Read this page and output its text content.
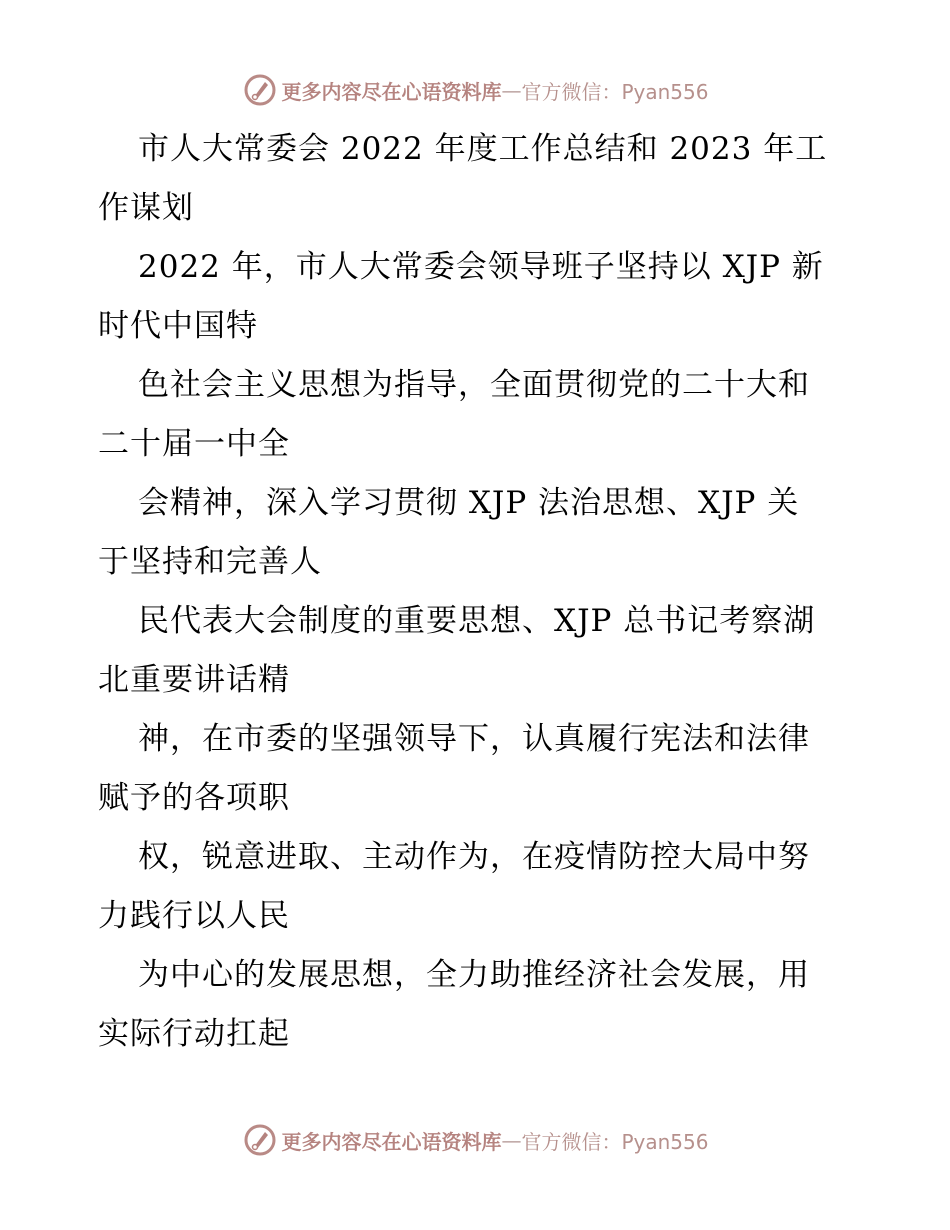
更多内容尽在心语资料库 — 官方微信：Pyan556
市人大常委会 2022 年度工作总结和 2023 年工
作谋划
2022 年，市人大常委会领导班子坚持以 XJP 新
时代中国特
色社会主义思想为指导，全面贯彻党的二十大和
二十届一中全
会精神，深入学习贯彻 XJP 法治思想、XJP 关
于坚持和完善人
民代表大会制度的重要思想、XJP 总书记考察湖
北重要讲话精
神，在市委的坚强领导下，认真履行宪法和法律
赋予的各项职
权，锐意进取、主动作为，在疫情防控大局中努
力践行以人民
为中心的发展思想，全力助推经济社会发展，用
实际行动扛起
更多内容尽在心语资料库 — 官方微信：Pyan556
